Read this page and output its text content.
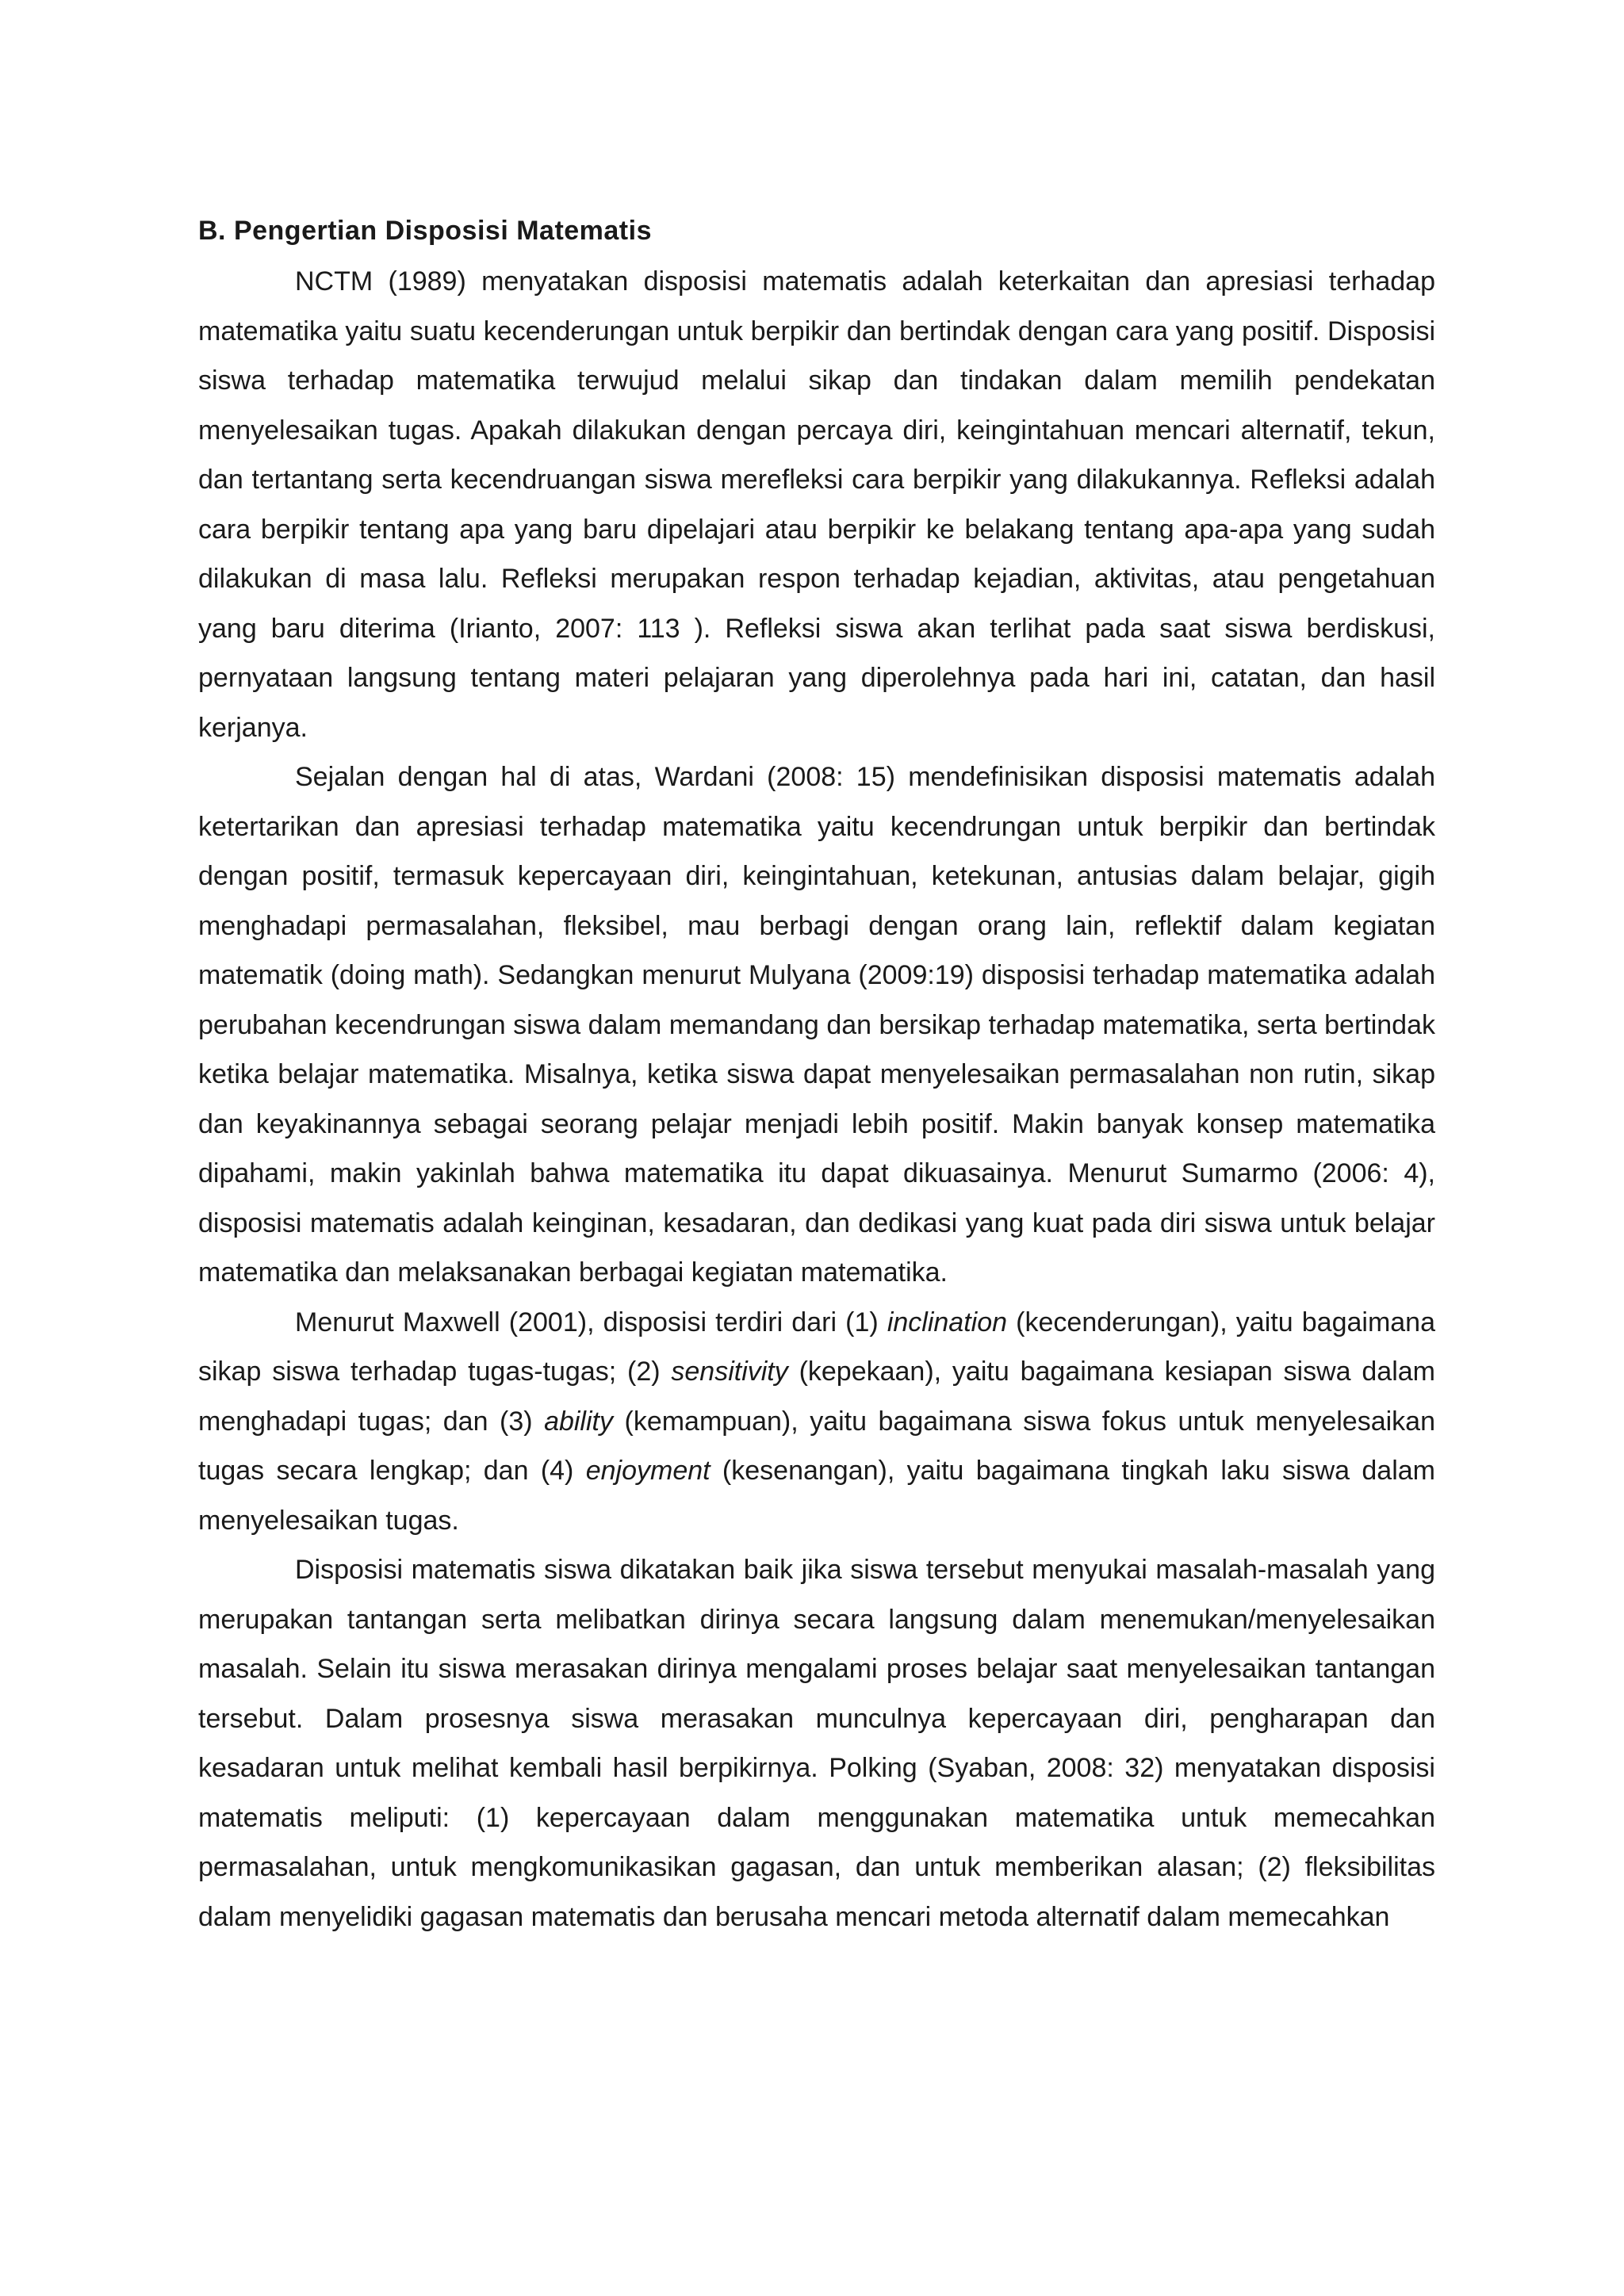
B. Pengertian Disposisi Matematis

NCTM (1989) menyatakan disposisi matematis adalah keterkaitan dan apresiasi terhadap matematika yaitu suatu kecenderungan untuk berpikir dan bertindak dengan cara yang positif. Disposisi siswa terhadap matematika terwujud melalui sikap dan tindakan dalam memilih pendekatan menyelesaikan tugas. Apakah dilakukan dengan percaya diri, keingintahuan mencari alternatif, tekun, dan tertantang serta kecendruangan siswa merefleksi cara berpikir yang dilakukannya. Refleksi adalah cara berpikir tentang apa yang baru dipelajari atau berpikir ke belakang tentang apa-apa yang sudah dilakukan di masa lalu. Refleksi merupakan respon terhadap kejadian, aktivitas, atau pengetahuan yang baru diterima (Irianto, 2007: 113 ). Refleksi siswa akan terlihat pada saat siswa berdiskusi, pernyataan langsung tentang materi pelajaran yang diperolehnya pada hari ini, catatan, dan hasil kerjanya.

Sejalan dengan hal di atas, Wardani (2008: 15) mendefinisikan disposisi matematis adalah ketertarikan dan apresiasi terhadap matematika yaitu kecendrungan untuk berpikir dan bertindak dengan positif, termasuk kepercayaan diri, keingintahuan, ketekunan, antusias dalam belajar, gigih menghadapi permasalahan, fleksibel, mau berbagi dengan orang lain, reflektif dalam kegiatan matematik (doing math). Sedangkan menurut Mulyana (2009:19) disposisi terhadap matematika adalah perubahan kecendrungan siswa dalam memandang dan bersikap terhadap matematika, serta bertindak ketika belajar matematika. Misalnya, ketika siswa dapat menyelesaikan permasalahan non rutin, sikap dan keyakinannya sebagai seorang pelajar menjadi lebih positif. Makin banyak konsep matematika dipahami, makin yakinlah bahwa matematika itu dapat dikuasainya. Menurut Sumarmo (2006: 4), disposisi matematis adalah keinginan, kesadaran, dan dedikasi yang kuat pada diri siswa untuk belajar matematika dan melaksanakan berbagai kegiatan matematika.

Menurut Maxwell (2001), disposisi terdiri dari (1) inclination (kecenderungan), yaitu bagaimana sikap siswa terhadap tugas-tugas; (2) sensitivity (kepekaan), yaitu bagaimana kesiapan siswa dalam menghadapi tugas; dan (3) ability (kemampuan), yaitu bagaimana siswa fokus untuk menyelesaikan tugas secara lengkap; dan (4) enjoyment (kesenangan), yaitu bagaimana tingkah laku siswa dalam menyelesaikan tugas.

Disposisi matematis siswa dikatakan baik jika siswa tersebut menyukai masalah-masalah yang merupakan tantangan serta melibatkan dirinya secara langsung dalam menemukan/menyelesaikan masalah. Selain itu siswa merasakan dirinya mengalami proses belajar saat menyelesaikan tantangan tersebut. Dalam prosesnya siswa merasakan munculnya kepercayaan diri, pengharapan dan kesadaran untuk melihat kembali hasil berpikirnya. Polking (Syaban, 2008: 32) menyatakan disposisi matematis meliputi: (1) kepercayaan dalam menggunakan matematika untuk memecahkan permasalahan, untuk mengkomunikasikan gagasan, dan untuk memberikan alasan; (2) fleksibilitas dalam menyelidiki gagasan matematis dan berusaha mencari metoda alternatif dalam memecahkan
